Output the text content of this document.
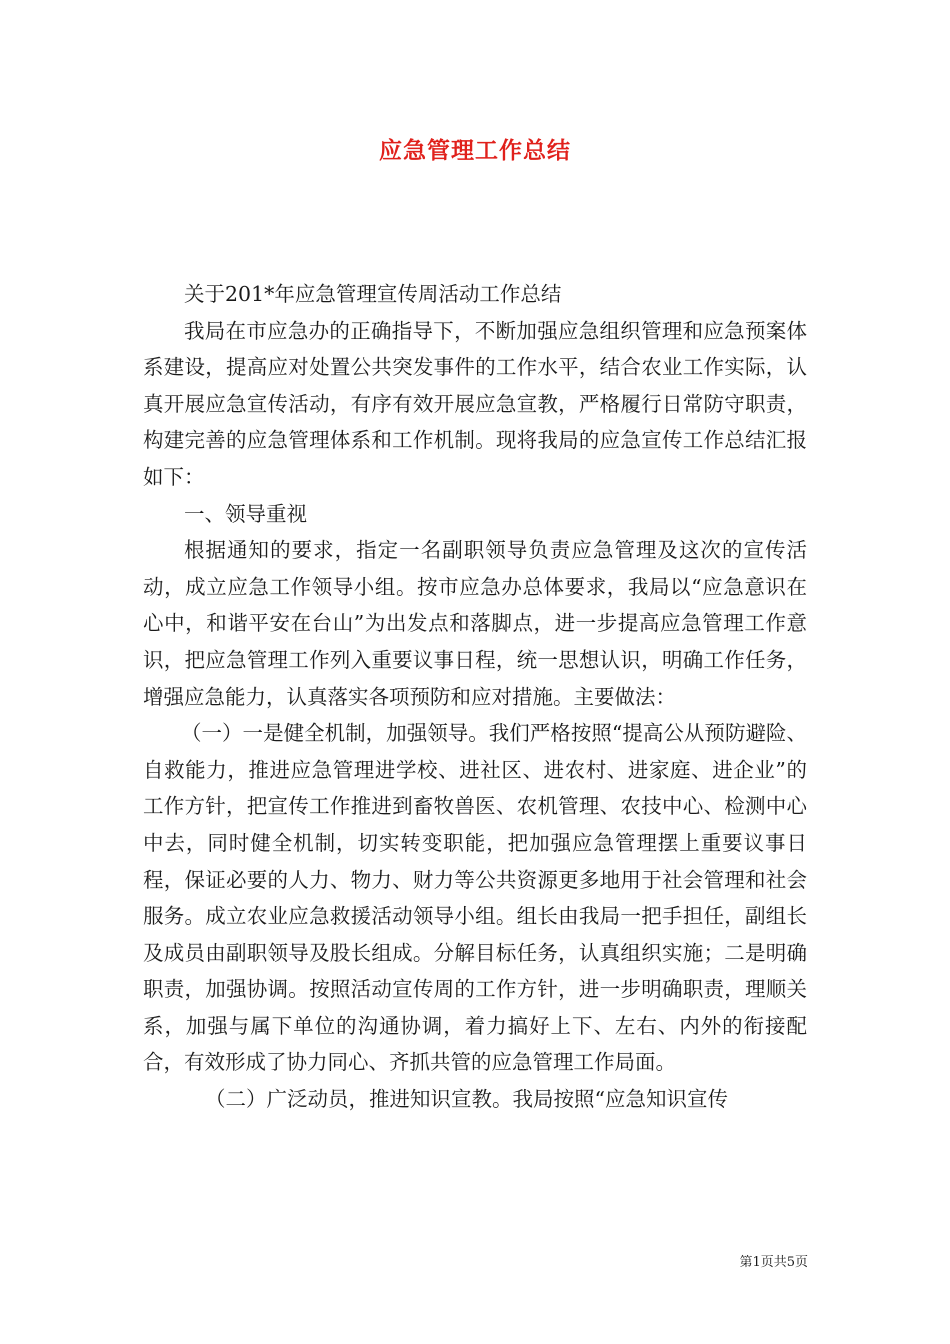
应急管理工作总结

关于201*年应急管理宣传周活动工作总结

我局在市应急办的正确指导下，不断加强应急组织管理和应急预案体系建设，提高应对处置公共突发事件的工作水平，结合农业工作实际，认真开展应急宣传活动，有序有效开展应急宣教，严格履行日常防守职责，构建完善的应急管理体系和工作机制。现将我局的应急宣传工作总结汇报如下：

一、领导重视

根据通知的要求，指定一名副职领导负责应急管理及这次的宣传活动，成立应急工作领导小组。按市应急办总体要求，我局以“应急意识在心中，和谐平安在台山”为出发点和落脚点，进一步提高应急管理工作意识，把应急管理工作列入重要议事日程，统一思想认识，明确工作任务，增强应急能力，认真落实各项预防和应对措施。主要做法：

（一）一是健全机制，加强领导。我们严格按照“提高公从预防避险、自救能力，推进应急管理进学校、进社区、进农村、进家庭、进企业”的工作方针，把宣传工作推进到畜牧兽医、农机管理、农技中心、检测中心中去，同时健全机制，切实转变职能，把加强应急管理摆上重要议事日程，保证必要的人力、物力、财力等公共资源更多地用于社会管理和社会服务。成立农业应急救援活动领导小组。组长由我局一把手担任，副组长及成员由副职领导及股长组成。分解目标任务，认真组织实施；二是明确职责，加强协调。按照活动宣传周的工作方针，进一步明确职责，理顺关系，加强与属下单位的沟通协调，着力搞好上下、左右、内外的衔接配合，有效形成了协力同心、齐抓共管的应急管理工作局面。

（二）广泛动员，推进知识宣教。我局按照“应急知识宣传

第1页共5页
